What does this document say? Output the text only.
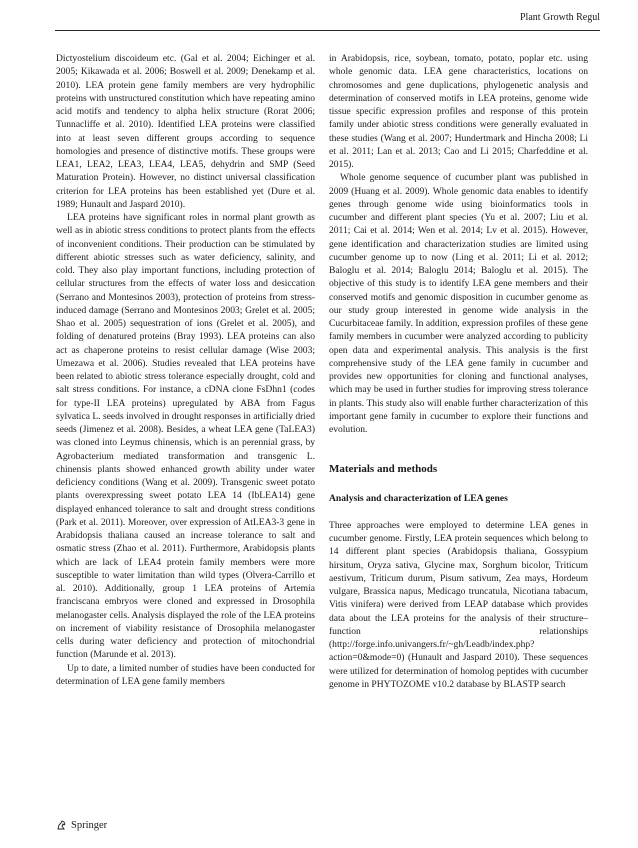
Plant Growth Regul

Dictyostelium discoideum etc. (Gal et al. 2004; Eichinger et al. 2005; Kikawada et al. 2006; Boswell et al. 2009; Denekamp et al. 2010). LEA protein gene family members are very hydrophilic proteins with unstructured constitution which have repeating amino acid motifs and tendency to alpha helix structure (Rorat 2006; Tunnacliffe et al. 2010). Identified LEA proteins were classified into at least seven different groups according to sequence homologies and presence of distinctive motifs. These groups were LEA1, LEA2, LEA3, LEA4, LEA5, dehydrin and SMP (Seed Maturation Protein). However, no distinct universal classification criterion for LEA proteins has been established yet (Dure et al. 1989; Hunault and Jaspard 2010).

LEA proteins have significant roles in normal plant growth as well as in abiotic stress conditions to protect plants from the effects of inconvenient conditions. Their production can be stimulated by different abiotic stresses such as water deficiency, salinity, and cold. They also play important functions, including protection of cellular structures from the effects of water loss and desiccation (Serrano and Montesinos 2003), protection of proteins from stress-induced damage (Serrano and Montesinos 2003; Grelet et al. 2005; Shao et al. 2005) sequestration of ions (Grelet et al. 2005), and folding of denatured proteins (Bray 1993). LEA proteins can also act as chaperone proteins to resist cellular damage (Wise 2003; Umezawa et al. 2006). Studies revealed that LEA proteins have been related to abiotic stress tolerance especially drought, cold and salt stress conditions. For instance, a cDNA clone FsDhn1 (codes for type-II LEA proteins) upregulated by ABA from Fagus sylvatica L. seeds involved in drought responses in artificially dried seeds (Jimenez et al. 2008). Besides, a wheat LEA gene (TaLEA3) was cloned into Leymus chinensis, which is an perennial grass, by Agrobacterium mediated transformation and transgenic L. chinensis plants showed enhanced growth ability under water deficiency conditions (Wang et al. 2009). Transgenic sweet potato plants overexpressing sweet potato LEA 14 (IbLEA14) gene displayed enhanced tolerance to salt and drought stress conditions (Park et al. 2011). Moreover, over expression of AtLEA3-3 gene in Arabidopsis thaliana caused an increase tolerance to salt and osmatic stress (Zhao et al. 2011). Furthermore, Arabidopsis plants which are lack of LEA4 protein family members were more susceptible to water limitation than wild types (Olvera-Carrillo et al. 2010). Additionally, group 1 LEA proteins of Artemia franciscana embryos were cloned and expressed in Drosophila melanogaster cells. Analysis displayed the role of the LEA proteins on increment of viability resistance of Drosophila melanogaster cells during water deficiency and protection of mitochondrial function (Marunde et al. 2013).

Up to date, a limited number of studies have been conducted for determination of LEA gene family members

in Arabidopsis, rice, soybean, tomato, potato, poplar etc. using whole genomic data. LEA gene characteristics, locations on chromosomes and gene duplications, phylogenetic analysis and determination of conserved motifs in LEA proteins, genome wide tissue specific expression profiles and response of this protein family under abiotic stress conditions were generally evaluated in these studies (Wang et al. 2007; Hundertmark and Hincha 2008; Li et al. 2011; Lan et al. 2013; Cao and Li 2015; Charfeddine et al. 2015).

Whole genome sequence of cucumber plant was published in 2009 (Huang et al. 2009). Whole genomic data enables to identify genes through genome wide using bioinformatics tools in cucumber and different plant species (Yu et al. 2007; Liu et al. 2011; Cai et al. 2014; Wen et al. 2014; Lv et al. 2015). However, gene identification and characterization studies are limited using cucumber genome up to now (Ling et al. 2011; Li et al. 2012; Baloglu et al. 2014; Baloglu 2014; Baloglu et al. 2015). The objective of this study is to identify LEA gene members and their conserved motifs and genomic disposition in cucumber genome as our study group interested in genome wide analysis in the Cucurbitaceae family. In addition, expression profiles of these gene family members in cucumber were analyzed according to publicity open data and experimental analysis. This analysis is the first comprehensive study of the LEA gene family in cucumber and provides new opportunities for cloning and functional analyses, which may be used in further studies for improving stress tolerance in plants. This study also will enable further characterization of this important gene family in cucumber to explore their functions and evolution.

Materials and methods
Analysis and characterization of LEA genes

Three approaches were employed to determine LEA genes in cucumber genome. Firstly, LEA protein sequences which belong to 14 different plant species (Arabidopsis thaliana, Gossypium hirsitum, Oryza sativa, Glycine max, Sorghum bicolor, Triticum aestivum, Triticum durum, Pisum sativum, Zea mays, Hordeum vulgare, Brassica napus, Medicago truncatula, Nicotiana tabacum, Vitis vinifera) were derived from LEAP database which provides data about the LEA proteins for the analysis of their structure–function relationships (http://forge.info.univangers.fr/~gh/Leadb/index.php?action=0&mode=0) (Hunault and Jaspard 2010). These sequences were utilized for determination of homolog peptides with cucumber genome in PHYTOZOME v10.2 database by BLASTP search

Springer
